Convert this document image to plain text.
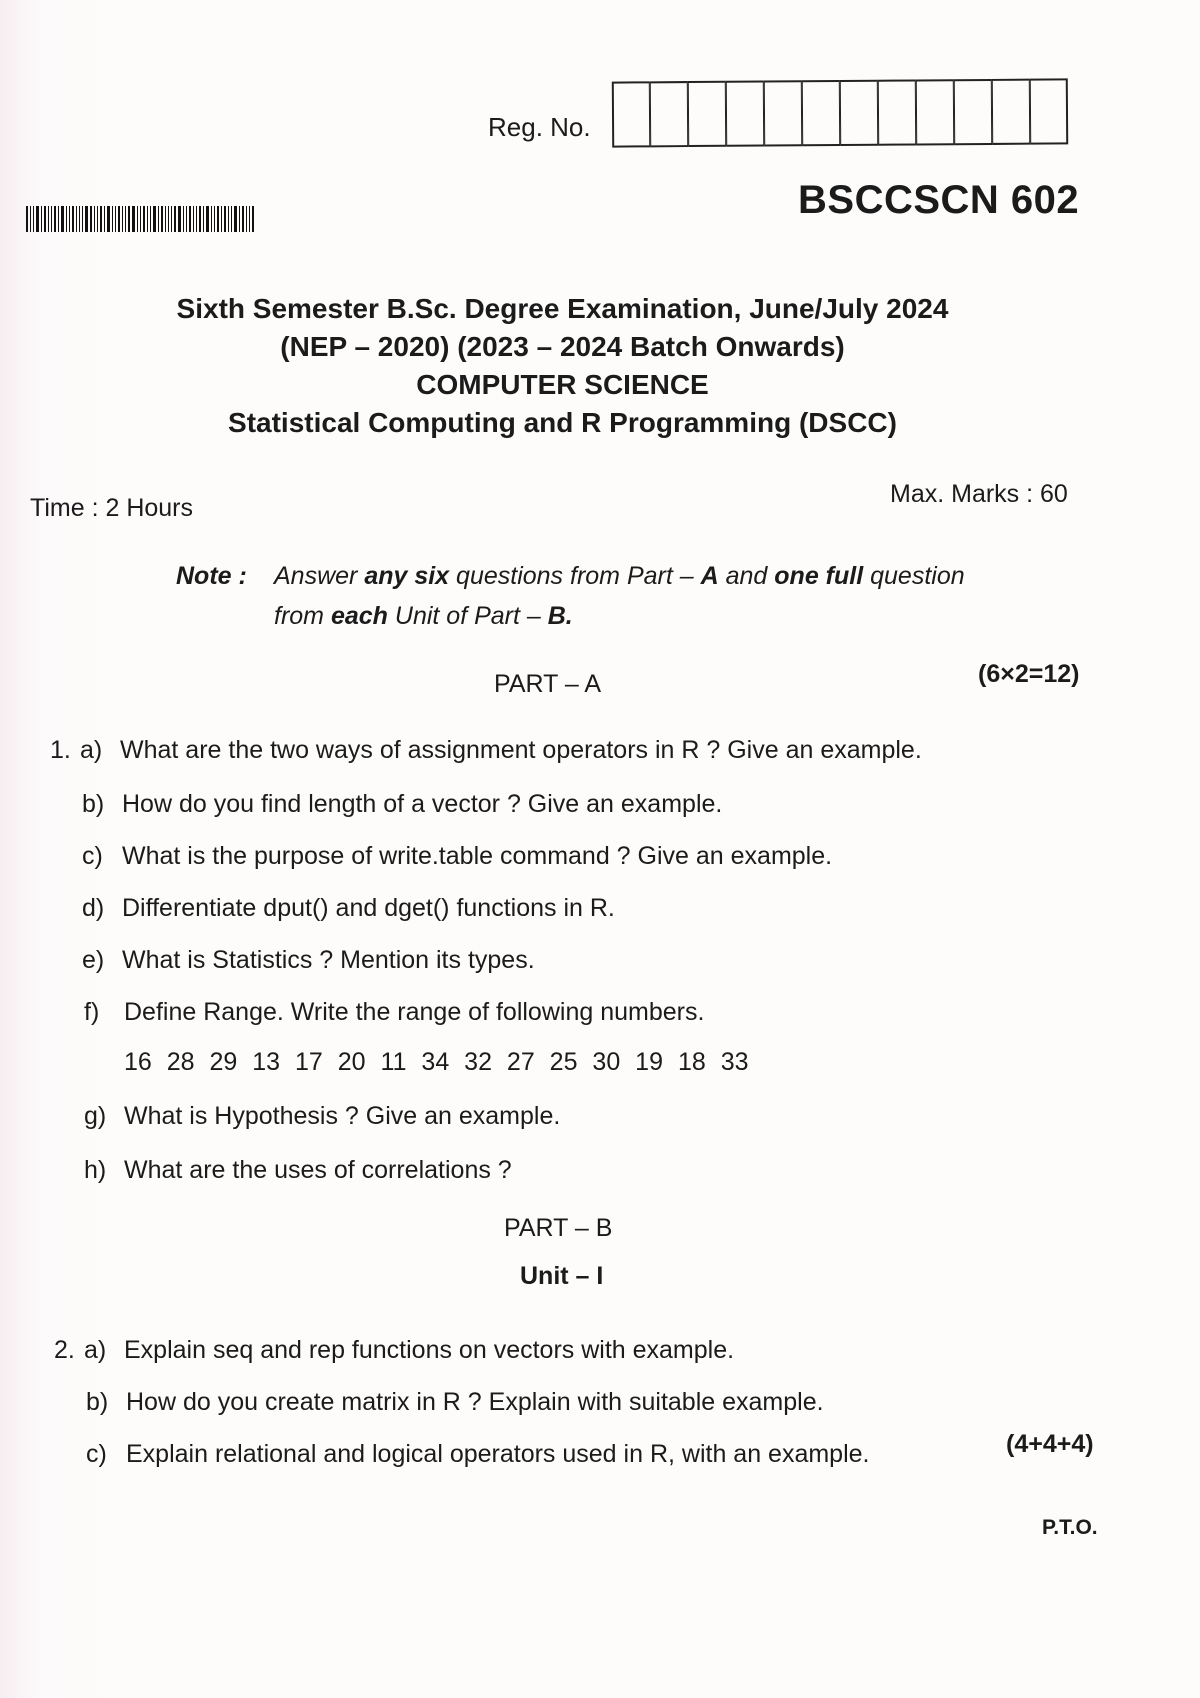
Reg. No.
BSCCSCN 602
Sixth Semester B.Sc. Degree Examination, June/July 2024
(NEP – 2020) (2023 – 2024 Batch Onwards)
COMPUTER SCIENCE
Statistical Computing and R Programming (DSCC)
Time : 2 Hours	Max. Marks : 60
Note : Answer any six questions from Part – A and one full question
from each Unit of Part – B.
PART – A	(6×2=12)
1. a) What are the two ways of assignment operators in R ? Give an example.
b) How do you find length of a vector ? Give an example.
c) What is the purpose of write.table command ? Give an example.
d) Differentiate dput() and dget() functions in R.
e) What is Statistics ? Mention its types.
f) Define Range. Write the range of following numbers.
16 28 29 13 17 20 11 34 32 27 25 30 19 18 33
g) What is Hypothesis ? Give an example.
h) What are the uses of correlations ?
PART – B
Unit – I
2. a) Explain seq and rep functions on vectors with example.
b) How do you create matrix in R ? Explain with suitable example.
c) Explain relational and logical operators used in R, with an example.	(4+4+4)
P.T.O.
